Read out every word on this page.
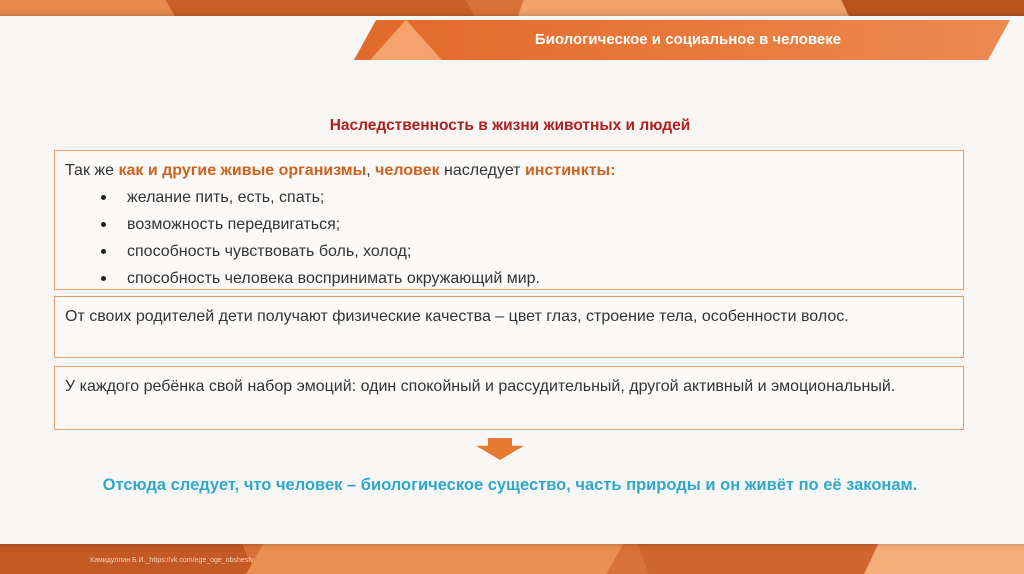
Биологическое и социальное в человеке
Наследственность в жизни животных и людей
Так же как и другие живые организмы, человек наследует инстинкты:
желание пить, есть, спать;
возможность передвигаться;
способность чувствовать боль, холод;
способность человека воспринимать окружающий мир.
От своих родителей дети получают физические качества – цвет глаз, строение тела, особенности волос.
У каждого ребёнка свой набор эмоций: один спокойный и рассудительный, другой активный и эмоциональный.
Отсюда следует, что человек – биологическое существо, часть природы и он живёт по её законам.
Камидуллин Б.И._https://vk.com/ege_oge_obshestv
